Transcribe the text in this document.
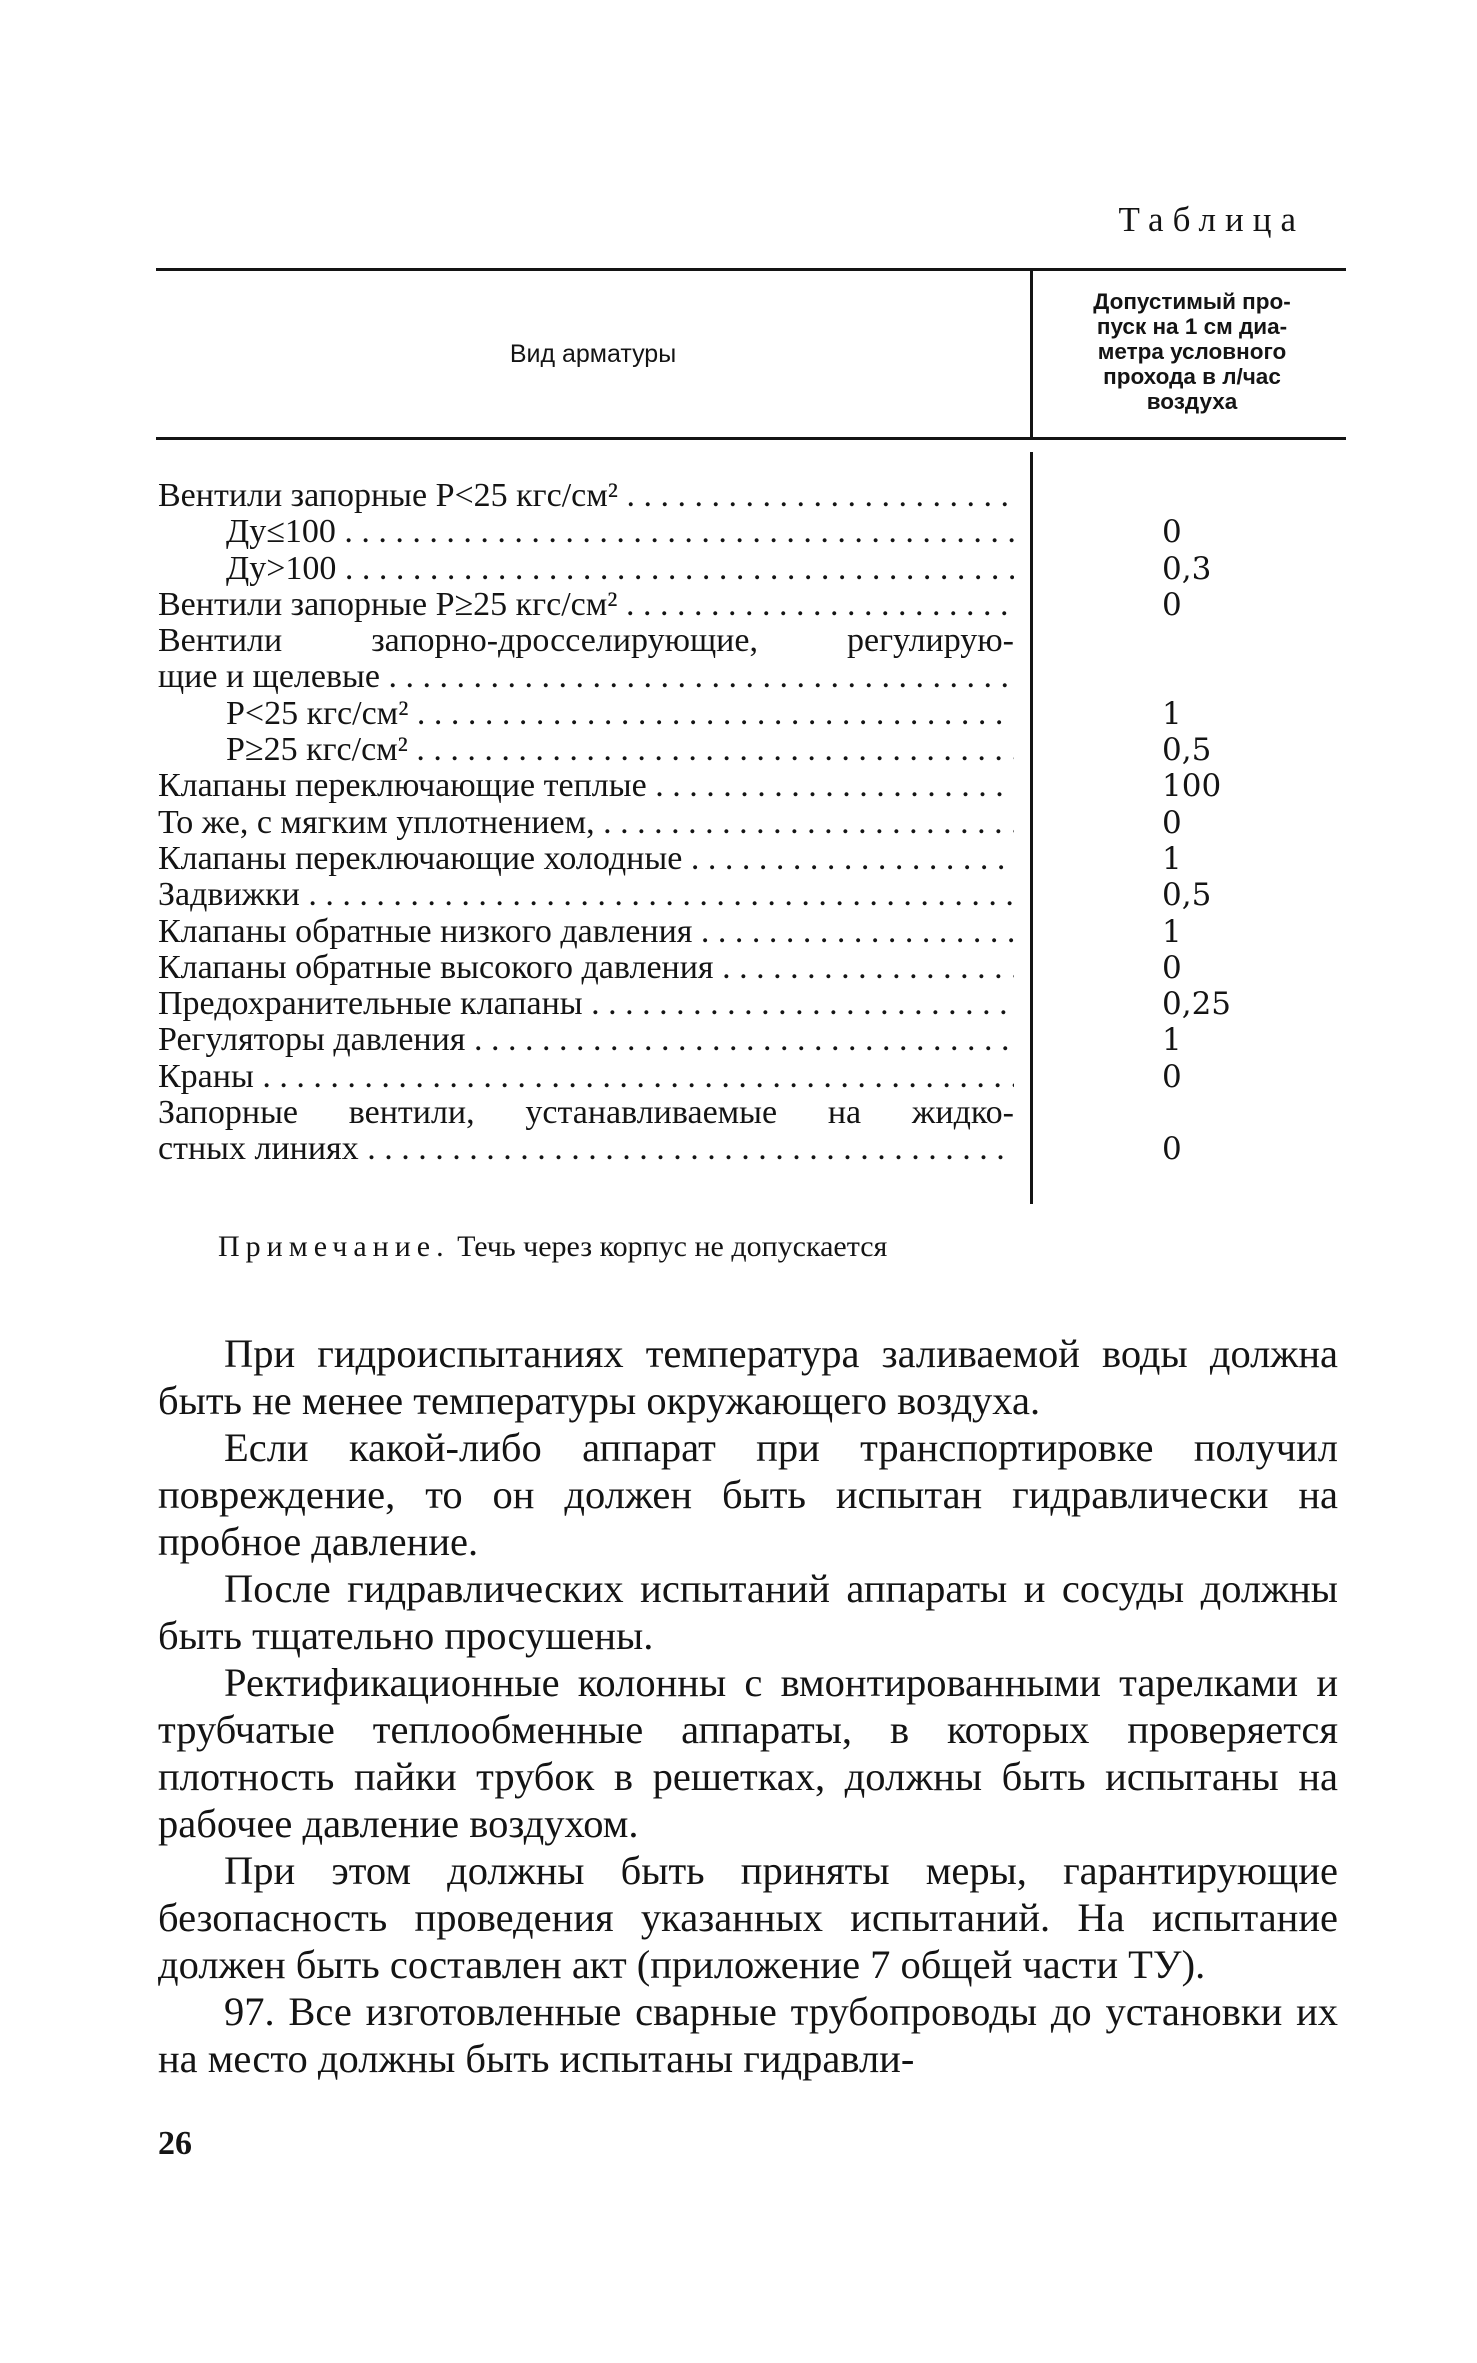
Таблица
Вид арматуры
Допустимый про-
пуск на 1 см диа-
метра условного
прохода в л/час
воздуха
Вентили запорные P<25 кгс/см² . . .
Ду≤100 . . .	0
Ду>100 . . .	0,3
Вентили запорные P≥25 кгс/см² . . .	0
Вентили запорно-дросселирующие, регулирую-
щие и щелевые . . .
P<25 кгс/см² . . .	1
P≥25 кгс/см² . . .	0,5
Клапаны переключающие теплые . . .	100
То же, с мягким уплотнением, . . .	0
Клапаны переключающие холодные . . .	1
Задвижки . . .	0,5
Клапаны обратные низкого давления . . .	1
Клапаны обратные высокого давления . . .	0
Предохранительные клапаны . . .	0,25
Регуляторы давления . . .	1
Краны . . .	0
Запорные вентили, устанавливаемые на жидко-
стных линиях . . .	0
Примечание. Течь через корпус не допускается

При гидроиспытаниях температура заливаемой воды должна быть не менее температуры окружающего воздуха.

Если какой-либо аппарат при транспортировке получил повреждение, то он должен быть испытан гидравлически на пробное давление.

После гидравлических испытаний аппараты и сосуды должны быть тщательно просушены.

Ректификационные колонны с вмонтированными тарелками и трубчатые теплообменные аппараты, в которых проверяется плотность пайки трубок в решетках, должны быть испытаны на рабочее давление воздухом.

При этом должны быть приняты меры, гарантирующие безопасность проведения указанных испытаний. На испытание должен быть составлен акт (приложение 7 общей части ТУ).

97. Все изготовленные сварные трубопроводы до установки их на место должны быть испытаны гидравли-

26
